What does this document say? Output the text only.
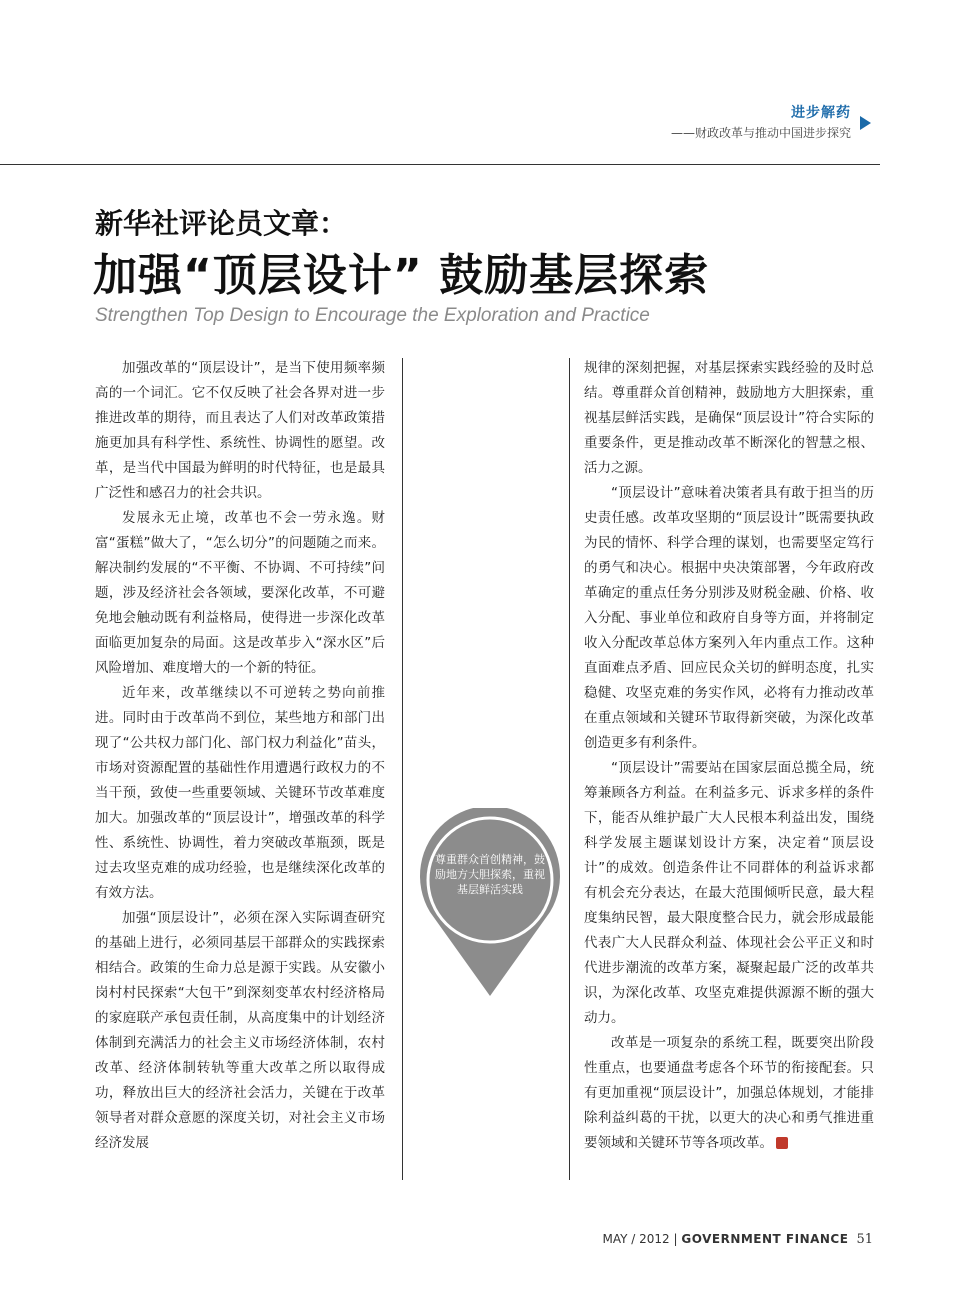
进步解药
——财政改革与推动中国进步探究
新华社评论员文章：
加强“顶层设计” 鼓励基层探索
Strengthen Top Design to Encourage the Exploration and Practice

加强改革的“顶层设计”，是当下使用频率频高的一个词汇。它不仅反映了社会各界对进一步推进改革的期待，而且表达了人们对改革政策措施更加具有科学性、系统性、协调性的愿望。改革，是当代中国最为鲜明的时代特征，也是最具广泛性和感召力的社会共识。

发展永无止境，改革也不会一劳永逸。财富“蛋糕”做大了，“怎么切分”的问题随之而来。解决制约发展的“不平衡、不协调、不可持续”问题，涉及经济社会各领域，要深化改革，不可避免地会触动既有利益格局，使得进一步深化改革面临更加复杂的局面。这是改革步入“深水区”后风险增加、难度增大的一个新的特征。

近年来，改革继续以不可逆转之势向前推进。同时由于改革尚不到位，某些地方和部门出现了“公共权力部门化、部门权力利益化”苗头，市场对资源配置的基础性作用遭遇行政权力的不当干预，致使一些重要领域、关键环节改革难度加大。加强改革的“顶层设计”，增强改革的科学性、系统性、协调性，着力突破改革瓶颈，既是过去攻坚克难的成功经验，也是继续深化改革的有效方法。

加强“顶层设计”，必须在深入实际调查研究的基础上进行，必须同基层干部群众的实践探索相结合。政策的生命力总是源于实践。从安徽小岗村村民探索“大包干”到深刻变革农村经济格局的家庭联产承包责任制，从高度集中的计划经济体制到充满活力的社会主义市场经济体制，农村改革、经济体制转轨等重大改革之所以取得成功，释放出巨大的经济社会活力，关键在于改革领导者对群众意愿的深度关切，对社会主义市场经济发展

尊重群众首创精神，鼓励地方大胆探索，重视基层鲜活实践

规律的深刻把握，对基层探索实践经验的及时总结。尊重群众首创精神，鼓励地方大胆探索，重视基层鲜活实践，是确保“顶层设计”符合实际的重要条件，更是推动改革不断深化的智慧之根、活力之源。

“顶层设计”意味着决策者具有敢于担当的历史责任感。改革攻坚期的“顶层设计”既需要执政为民的情怀、科学合理的谋划，也需要坚定笃行的勇气和决心。根据中央决策部署，今年政府改革确定的重点任务分别涉及财税金融、价格、收入分配、事业单位和政府自身等方面，并将制定收入分配改革总体方案列入年内重点工作。这种直面难点矛盾、回应民众关切的鲜明态度，扎实稳健、攻坚克难的务实作风，必将有力推动改革在重点领域和关键环节取得新突破，为深化改革创造更多有利条件。

“顶层设计”需要站在国家层面总揽全局，统筹兼顾各方利益。在利益多元、诉求多样的条件下，能否从维护最广大人民根本利益出发，围绕科学发展主题谋划设计方案，决定着“顶层设计”的成效。创造条件让不同群体的利益诉求都有机会充分表达，在最大范围倾听民意，最大程度集纳民智，最大限度整合民力，就会形成最能代表广大人民群众利益、体现社会公平正义和时代进步潮流的改革方案，凝聚起最广泛的改革共识，为深化改革、攻坚克难提供源源不断的强大动力。

改革是一项复杂的系统工程，既要突出阶段性重点，也要通盘考虑各个环节的衔接配套。只有更加重视“顶层设计”，加强总体规划，才能排除利益纠葛的干扰，以更大的决心和勇气推进重要领域和关键环节等各项改革。

MAY / 2012 | GOVERNMENT FINANCE 51
